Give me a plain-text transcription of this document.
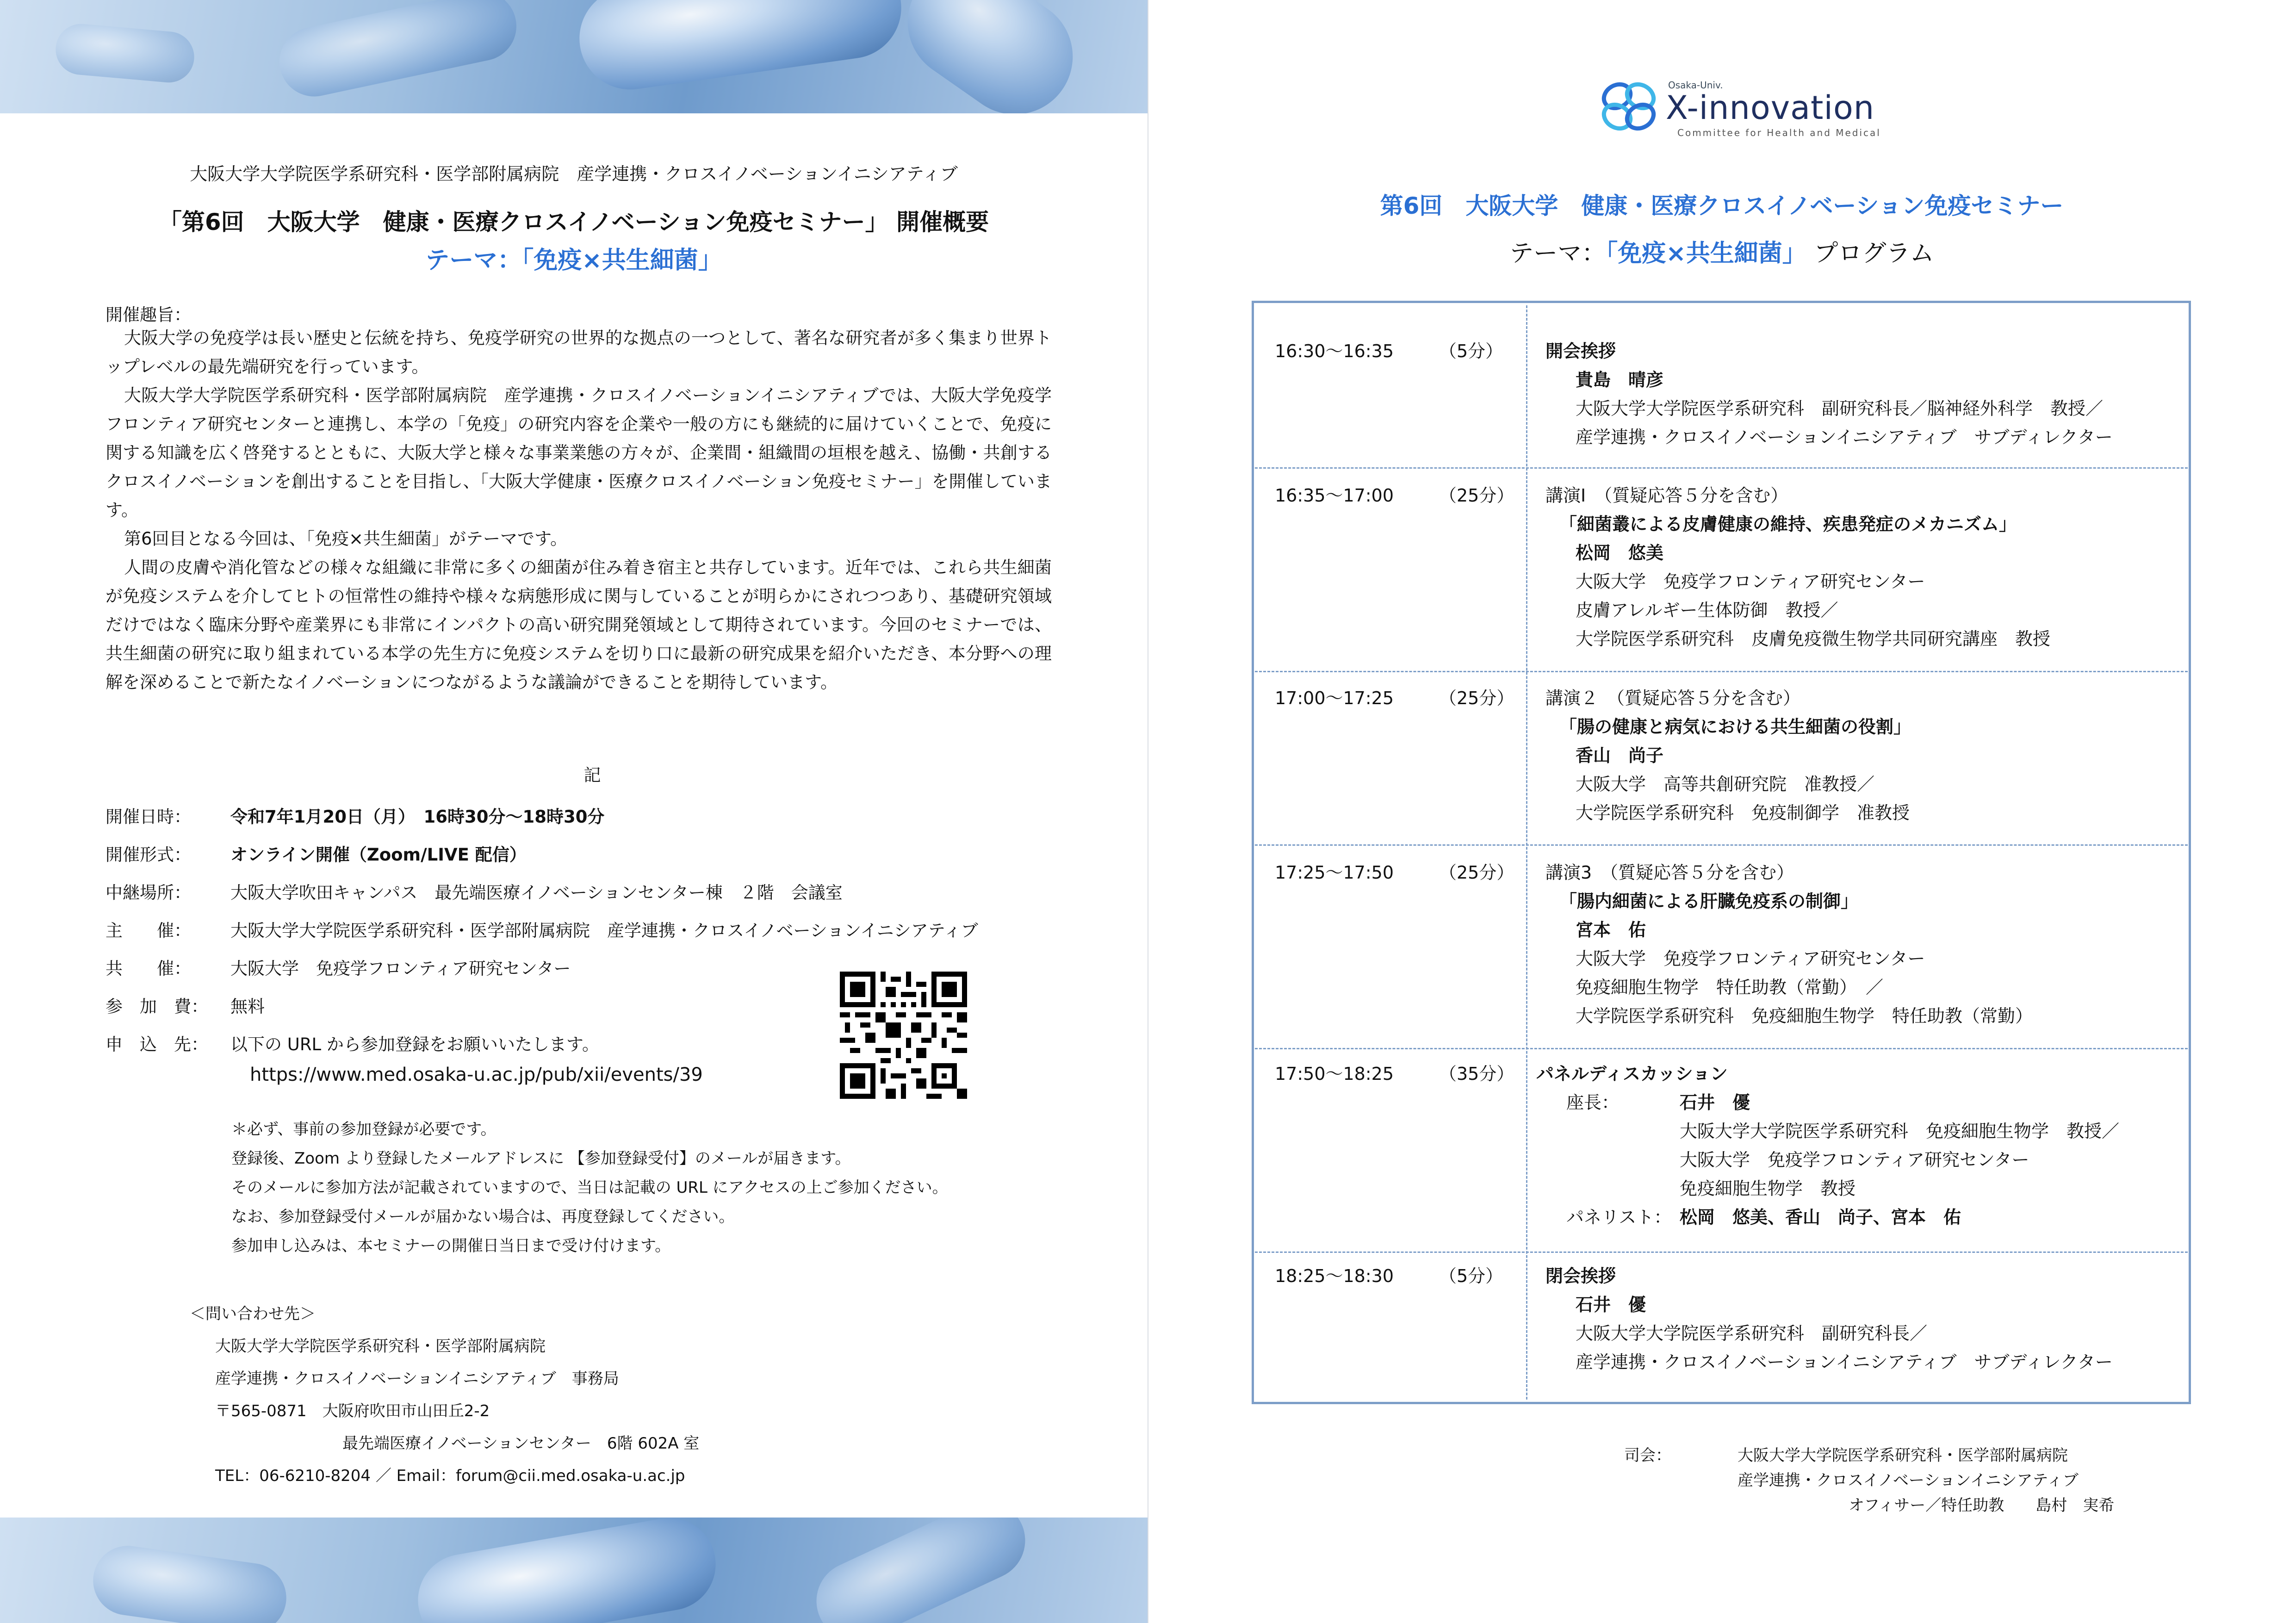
大阪大学大学院医学系研究科・医学部附属病院　産学連携・クロスイノベーションイニシアティブ
「第6回　大阪大学　健康・医療クロスイノベーション免疫セミナー」 開催概要
テーマ：「免疫×共生細菌」
開催趣旨：

大阪大学の免疫学は長い歴史と伝統を持ち、免疫学研究の世界的な拠点の一つとして、著名な研究者が多く集まり世界トップレベルの最先端研究を行っています。

大阪大学大学院医学系研究科・医学部附属病院　産学連携・クロスイノベーションイニシアティブでは、大阪大学免疫学フロンティア研究センターと連携し、本学の「免疫」の研究内容を企業や一般の方にも継続的に届けていくことで、免疫に関する知識を広く啓発するとともに、大阪大学と様々な事業業態の方々が、企業間・組織間の垣根を越え、協働・共創するクロスイノベーションを創出することを目指し、「大阪大学健康・医療クロスイノベーション免疫セミナー」を開催しています。

第6回目となる今回は、「免疫×共生細菌」がテーマです。

人間の皮膚や消化管などの様々な組織に非常に多くの細菌が住み着き宿主と共存しています。近年では、これら共生細菌が免疫システムを介してヒトの恒常性の維持や様々な病態形成に関与していることが明らかにされつつあり、基礎研究領域だけではなく臨床分野や産業界にも非常にインパクトの高い研究開発領域として期待されています。今回のセミナーでは、共生細菌の研究に取り組まれている本学の先生方に免疫システムを切り口に最新の研究成果を紹介いただき、本分野への理解を深めることで新たなイノベーションにつながるような議論ができることを期待しています。

記
開催日時：	令和7年1月20日（月）　16時30分～18時30分
開催形式：	オンライン開催（Zoom/LIVE 配信）
中継場所：	大阪大学吹田キャンパス　最先端医療イノベーションセンター棟　２階　会議室
主　　催：	大阪大学大学院医学系研究科・医学部附属病院　産学連携・クロスイノベーションイニシアティブ
共　　催：	大阪大学　免疫学フロンティア研究センター
参　加　費：	無料
申　込　先：	以下の URL から参加登録をお願いいたします。
https://www.med.osaka-u.ac.jp/pub/xii/events/39
＊必ず、事前の参加登録が必要です。
登録後、Zoom より登録したメールアドレスに 【参加登録受付】のメールが届きます。
そのメールに参加方法が記載されていますので、当日は記載の URL にアクセスの上ご参加ください。
なお、参加登録受付メールが届かない場合は、再度登録してください。
参加申し込みは、本セミナーの開催日当日まで受け付けます。
＜問い合わせ先＞
大阪大学大学院医学系研究科・医学部附属病院
産学連携・クロスイノベーションイニシアティブ　事務局
〒565-0871　大阪府吹田市山田丘2-2
最先端医療イノベーションセンター　6階 602A 室
TEL：06-6210-8204 ／ Email：forum@cii.med.osaka-u.ac.jp
Osaka-Univ.
X-innovation
Committee for Health and Medical
第6回　大阪大学　健康・医療クロスイノベーション免疫セミナー
テーマ：「免疫×共生細菌」 プログラム
16:30～16:35	（5分） 開会挨拶
貴島　晴彦
大阪大学大学院医学系研究科　副研究科長／脳神経外科学　教授／
産学連携・クロスイノベーションイニシアティブ　サブディレクター
16:35～17:00	（25分） 講演Ⅰ　（質疑応答５分を含む）
「細菌叢による皮膚健康の維持、疾患発症のメカニズム」
松岡　悠美
大阪大学　免疫学フロンティア研究センター
皮膚アレルギー生体防御　教授／
大学院医学系研究科　皮膚免疫微生物学共同研究講座　教授
17:00～17:25	（25分） 講演２　（質疑応答５分を含む）
「腸の健康と病気における共生細菌の役割」
香山　尚子
大阪大学　高等共創研究院　准教授／
大学院医学系研究科　免疫制御学　准教授
17:25～17:50	（25分） 講演3　（質疑応答５分を含む）
「腸内細菌による肝臓免疫系の制御」
宮本　佑
大阪大学　免疫学フロンティア研究センター
免疫細胞生物学　特任助教（常勤）　／
大学院医学系研究科　免疫細胞生物学　特任助教（常勤）
17:50～18:25	（35分） パネルディスカッション
座長：	石井　優
大阪大学大学院医学系研究科　免疫細胞生物学　教授／
大阪大学　免疫学フロンティア研究センター
免疫細胞生物学　教授
パネリスト： 松岡　悠美、香山　尚子、宮本　佑
18:25～18:30	（5分） 閉会挨拶
石井　優
大阪大学大学院医学系研究科　副研究科長／
産学連携・クロスイノベーションイニシアティブ　サブディレクター
司会：	大阪大学大学院医学系研究科・医学部附属病院
産学連携・クロスイノベーションイニシアティブ
オフィサー／特任助教　　島村　実希
